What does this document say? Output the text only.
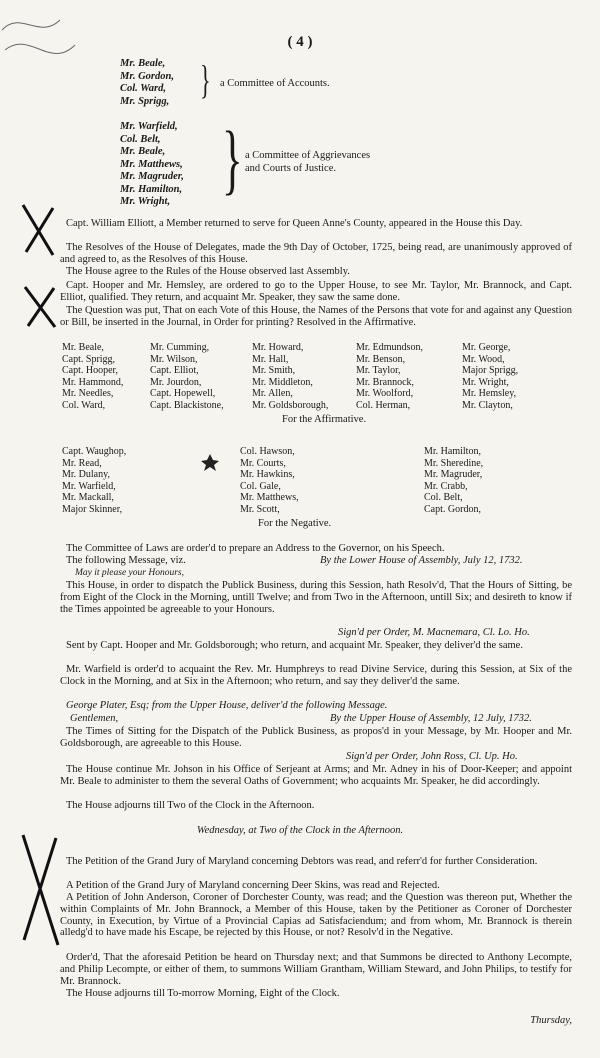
( 4 )
Mr. Beale,
Mr. Gordon,
Col. Ward,
Mr. Sprigg, } a Committee of Accounts.
Mr. Warfield,
Col. Belt,
Mr. Beale,
Mr. Matthews,
Mr. Magruder,
Mr. Hamilton,
Mr. Wright, } a Committee of Aggrievances
and Courts of Justice.
Capt. William Elliott, a Member returned to serve for Queen Anne's County, appeared in the House this Day.
The Resolves of the House of Delegates, made the 9th Day of October, 1725, being read, are unanimously approved of and agreed to, as the Resolves of this House.
The House agree to the Rules of the House observed last Assembly.
Capt. Hooper and Mr. Hemsley, are ordered to go to the Upper House, to see Mr. Taylor, Mr. Brannock, and Capt. Elliot, qualified. They return, and acquaint Mr. Speaker, they saw the same done.
The Question was put, That on each Vote of this House, the Names of the Persons that vote for and against any Question or Bill, be inserted in the Journal, in Order for printing? Resolved in the Affirmative.
Mr. Beale,
Capt. Sprigg,
Capt. Hooper,
Mr. Hammond,
Mr. Needles,
Col. Ward,
Mr. Cumming,
Mr. Wilson,
Capt. Elliot,
Mr. Jourdon,
Capt. Hopewell,
Capt. Blackistone,
Mr. Howard,
Mr. Hall,
Mr. Smith,
Mr. Middleton,
Mr. Allen,
Mr. Goldsborough,
Mr. Edmundson,
Mr. Benson,
Mr. Taylor,
Mr. Brannock,
Mr. Woolford,
Col. Herman,
Mr. George,
Mr. Wood,
Major Sprigg,
Mr. Wright,
Mr. Hemsley,
Mr. Clayton,
For the Affirmative.
Capt. Waughop,
Mr. Read,
Mr. Dulany,
Mr. Warfield,
Mr. Mackall,
Major Skinner,
Col. Hawson,
Mr. Courts,
Mr. Hawkins,
Col. Gale,
Mr. Matthews,
Mr. Scott,
Mr. Hamilton,
Mr. Sheredine,
Mr. Magruder,
Mr. Crabb,
Col. Belt,
Capt. Gordon,
For the Negative.
The Committee of Laws are order'd to prepare an Address to the Governor, on his Speech.
The following Message, viz.	By the Lower House of Assembly, July 12, 1732.
May it please your Honours,
This House, in order to dispatch the Publick Business, during this Session, hath Resolv'd, That the Hours of Sitting, be from Eight of the Clock in the Morning, untill Twelve; and from Two in the Afternoon, untill Six; and desireth to know if the Times appointed be agreeable to your Honours.
Sign'd per Order, M. Macnemara, Cl. Lo. Ho.
Sent by Capt. Hooper and Mr. Goldsborough; who return, and acquaint Mr. Speaker, they deliver'd the same.
Mr. Warfield is order'd to acquaint the Rev. Mr. Humphreys to read Divine Service, during this Session, at Six of the Clock in the Morning, and at Six in the Afternoon; who return, and say they deliver'd the same.
George Plater, Esq; from the Upper House, deliver'd the following Message.
Gentlemen,	By the Upper House of Assembly, 12 July, 1732.
The Times of Sitting for the Dispatch of the Publick Business, as propos'd in your Message, by Mr. Hooper and Mr. Goldsborough, are agreeable to this House.
Sign'd per Order, John Ross, Cl. Up. Ho.
The House continue Mr. Johson in his Office of Serjeant at Arms; and Mr. Adney in his of Door-Keeper; and appoint Mr. Beale to administer to them the several Oaths of Government; who acquaints Mr. Speaker, he did accordingly.
The House adjourns till Two of the Clock in the Afternoon.
Wednesday, at Two of the Clock in the Afternoon.
The Petition of the Grand Jury of Maryland concerning Debtors was read, and referr'd for further Consideration.
A Petition of the Grand Jury of Maryland concerning Deer Skins, was read and Rejected.
A Petition of John Anderson, Coroner of Dorchester County, was read; and the Question was thereon put, Whether the within Complaints of Mr. John Brannock, a Member of this House, taken by the Petitioner as Coroner of Dorchester County, in Execution, by Virtue of a Provincial Capias ad Satisfaciendum; and from whom, Mr. Brannock is therein alledg'd to have made his Escape, be rejected by this House, or not? Resolv'd in the Negative.
Order'd, That the aforesaid Petition be heard on Thursday next; and that Summons be directed to Anthony Lecompte, and Philip Lecompte, or either of them, to summons William Grantham, William Steward, and John Philips, to testify for Mr. Brannock.
The House adjourns till To-morrow Morning, Eight of the Clock.
Thursday,
